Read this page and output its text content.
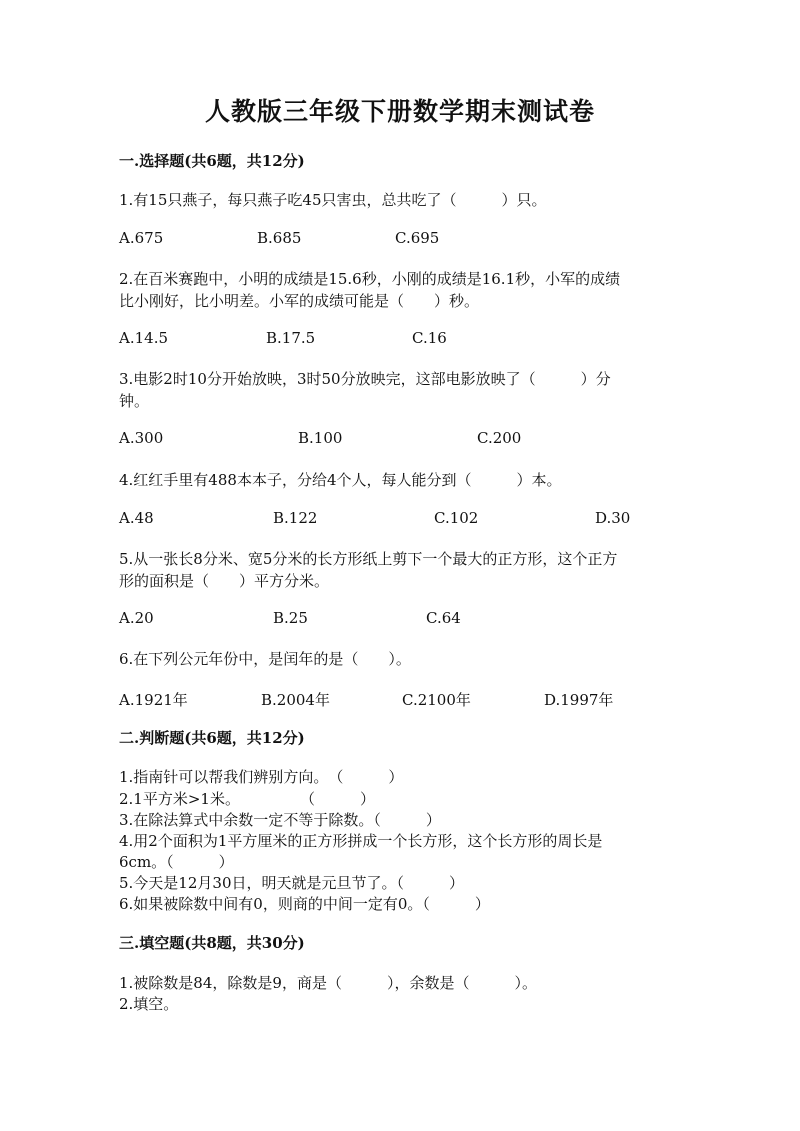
人教版三年级下册数学期末测试卷
一.选择题(共6题，共12分)
1.有15只燕子，每只燕子吃45只害虫，总共吃了（　　　）只。
A.675	B.685	C.695
2.在百米赛跑中，小明的成绩是15.6秒，小刚的成绩是16.1秒，小军的成绩
比小刚好，比小明差。小军的成绩可能是（　　）秒。
A.14.5	B.17.5	C.16
3.电影2时10分开始放映，3时50分放映完，这部电影放映了（　　　）分
钟。
A.300	B.100	C.200
4.红红手里有488本本子，分给4个人，每人能分到（　　　）本。
A.48	B.122	C.102	D.30
5.从一张长8分米、宽5分米的长方形纸上剪下一个最大的正方形，这个正方
形的面积是（　　）平方分米。
A.20	B.25	C.64
6.在下列公元年份中，是闰年的是（　　）。
A.1921年	B.2004年	C.2100年	D.1997年
二.判断题(共6题，共12分)
1.指南针可以帮我们辨别方向。　（　　　）
2.1平方米>1米。　　　　　（　　　）
3.在除法算式中余数一定不等于除数。（　　　）
4.用2个面积为1平方厘米的正方形拼成一个长方形，这个长方形的周长是
6cm。（　　　）
5.今天是12月30日，明天就是元旦节了。（　　　）
6.如果被除数中间有0，则商的中间一定有0。（　　　）
三.填空题(共8题，共30分)
1.被除数是84，除数是9，商是（　　　），余数是（　　　）。
2.填空。
